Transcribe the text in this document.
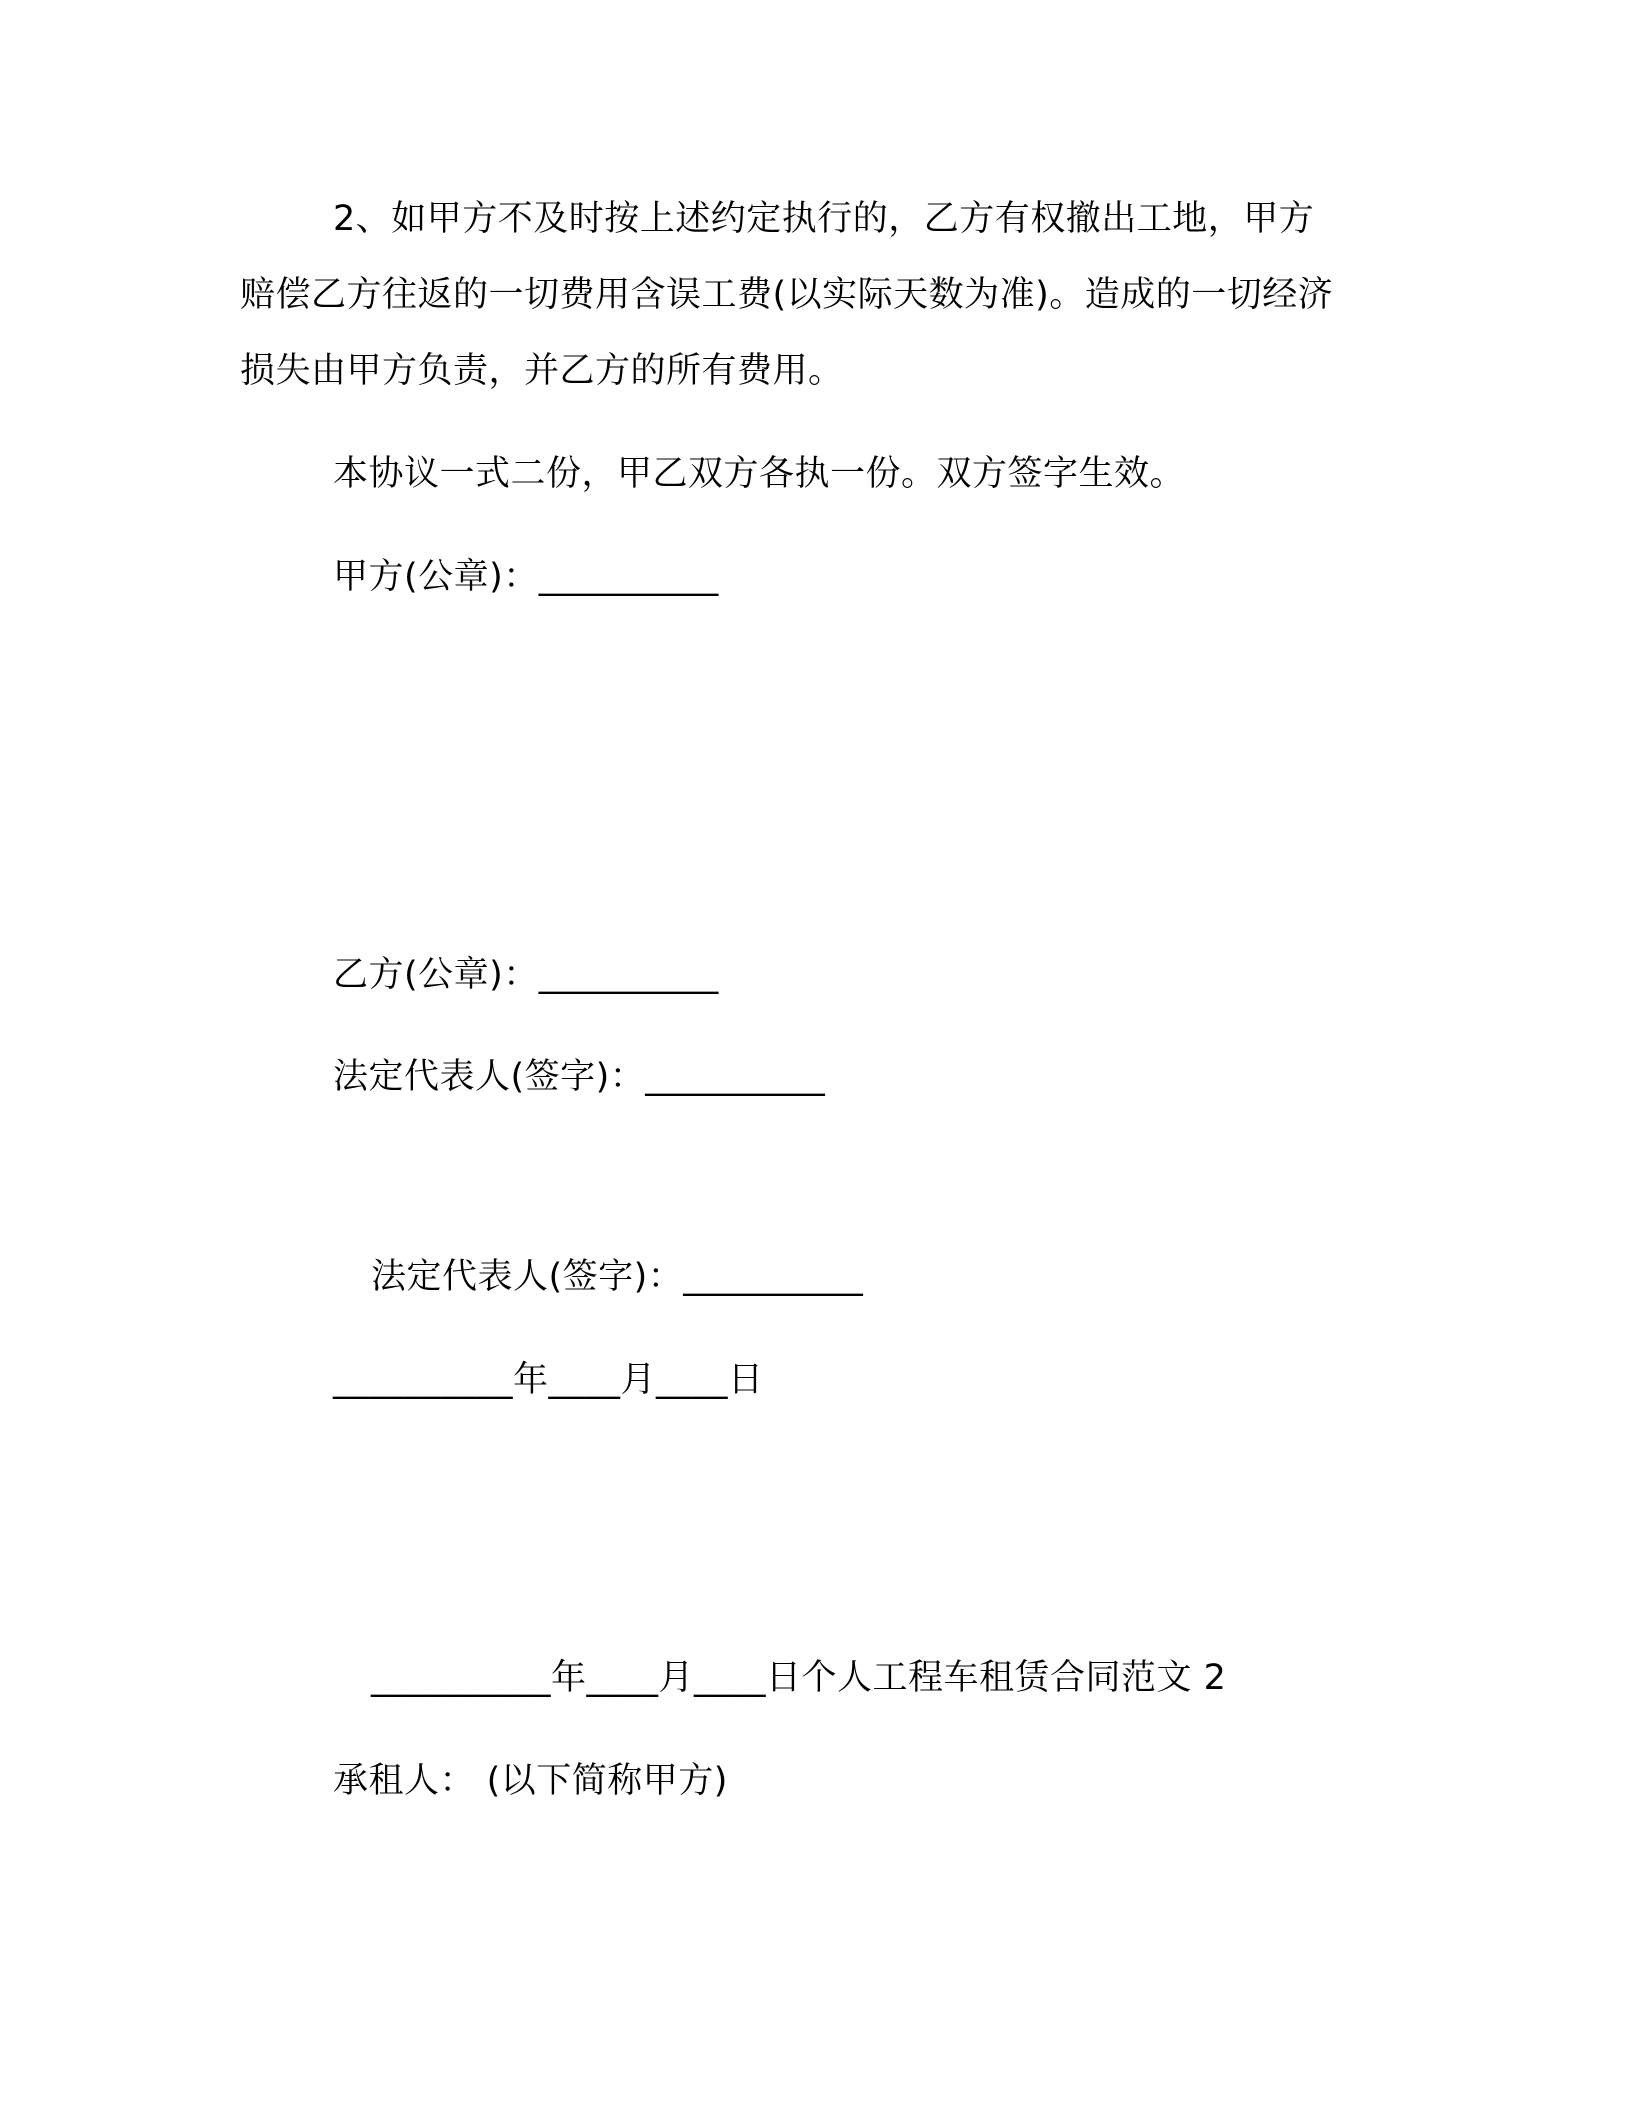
2、如甲方不及时按上述约定执行的，乙方有权撤出工地，甲方
赔偿乙方往返的一切费用含误工费(以实际天数为准)。造成的一切经济
损失由甲方负责，并乙方的所有费用。
本协议一式二份，甲乙双方各执一份。双方签字生效。
甲方(公章)：__________
乙方(公章)：__________
法定代表人(签字)：__________
法定代表人(签字)：__________
__________年____月____日
__________年____月____日个人工程车租赁合同范文 2
承租人： (以下简称甲方)
